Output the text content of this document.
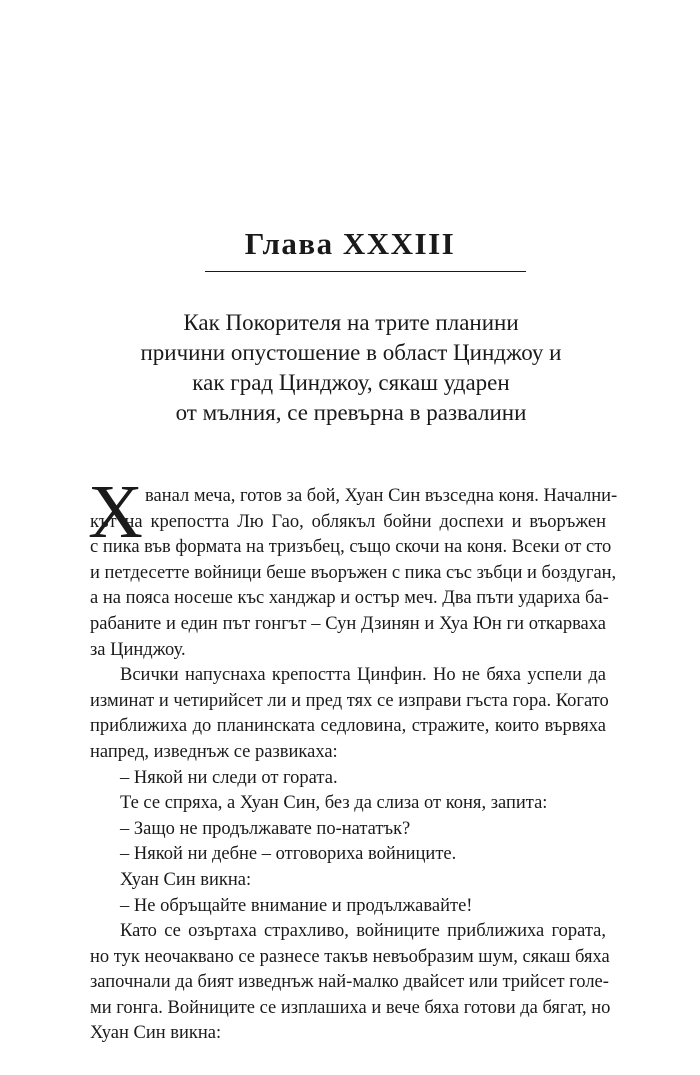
Глава XXXIII
Как Покорителя на трите планини
причини опустошение в област Цинджоу и
как град Цинджоу, сякаш ударен
от мълния, се превърна в развалини
Х ванал меча, готов за бой, Хуан Син възседна коня. Начални-
кът на крепостта Лю Гао, облякъл бойни доспехи и въоръжен
с пика във формата на тризъбец, също скочи на коня. Всеки от сто
и петдесетте войници беше въоръжен с пика със зъбци и боздуган,
а на пояса носеше къс ханджар и остър меч. Два пъти удариха ба-
рабаните и един път гонгът – Сун Дзинян и Хуа Юн ги откарваха
за Цинджоу.
Всички напуснаха крепостта Цинфин. Но не бяха успели да
изминат и четирийсет ли и пред тях се изправи гъста гора. Когато
приближиха до планинската седловина, стражите, които вървяха
напред, изведнъж се развикаха:
– Някой ни следи от гората.
Те се спряха, а Хуан Син, без да слиза от коня, запита:
– Защо не продължавате по-нататък?
– Някой ни дебне – отговориха войниците.
Хуан Син викна:
– Не обръщайте внимание и продължавайте!
Като се озъртаха страхливо, войниците приближиха гората,
но тук неочаквано се разнесе такъв невъобразим шум, сякаш бяха
започнали да бият изведнъж най-малко двайсет или трийсет голе-
ми гонга. Войниците се изплашиха и вече бяха готови да бягат, но
Хуан Син викна:
